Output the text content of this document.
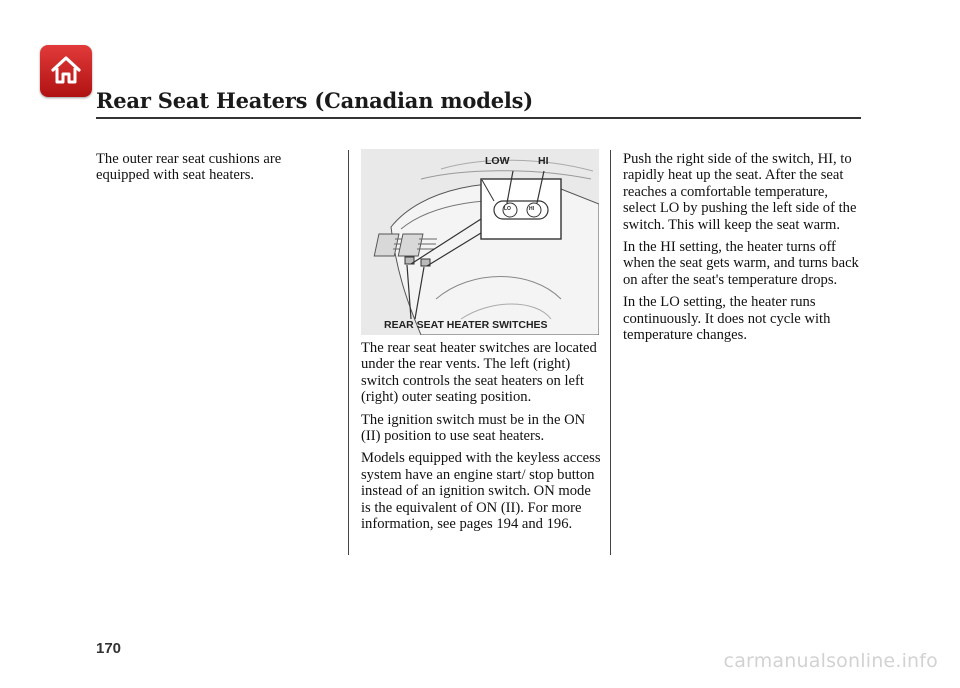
Rear Seat Heaters (Canadian models)

The outer rear seat cushions are equipped with seat heaters.

LOW	HI
LO	HI
REAR SEAT HEATER SWITCHES

The rear seat heater switches are located under the rear vents. The left (right) switch controls the seat heaters on left (right) outer seating position.

The ignition switch must be in the ON (II) position to use seat heaters.

Models equipped with the keyless access system have an engine start/ stop button instead of an ignition switch. ON mode is the equivalent of ON (II). For more information, see pages 194 and 196.

Push the right side of the switch, HI, to rapidly heat up the seat. After the seat reaches a comfortable temperature, select LO by pushing the left side of the switch. This will keep the seat warm.

In the HI setting, the heater turns off when the seat gets warm, and turns back on after the seat's temperature drops.

In the LO setting, the heater runs continuously. It does not cycle with temperature changes.

170
carmanualsonline.info
